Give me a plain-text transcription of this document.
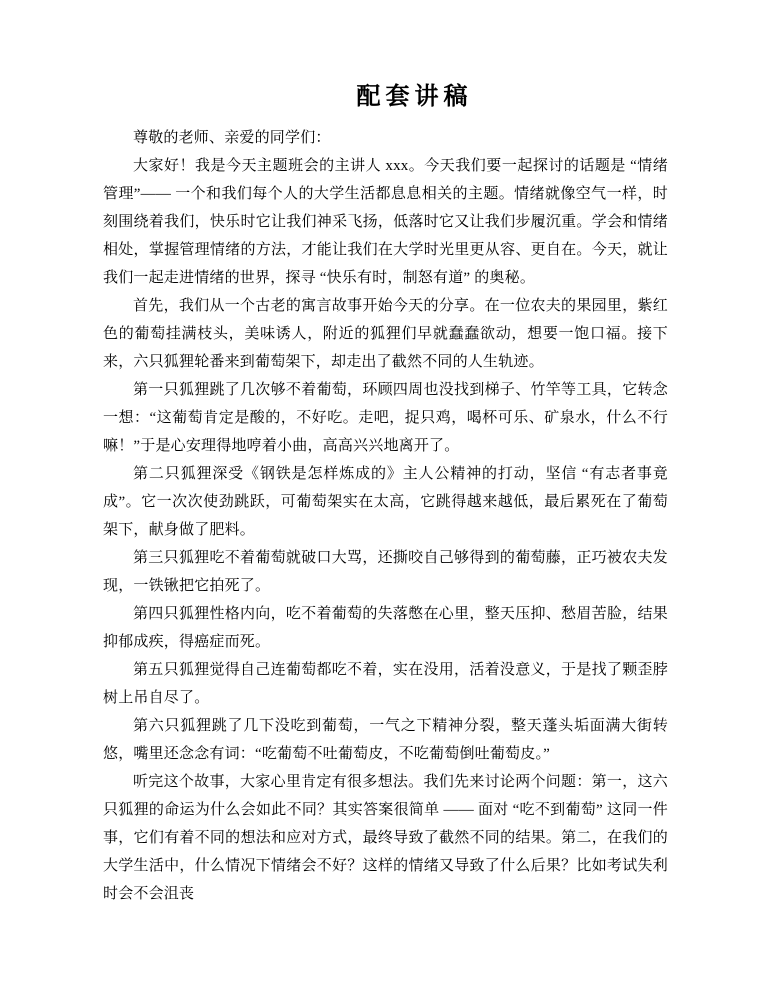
配套讲稿

尊敬的老师、亲爱的同学们：

大家好！我是今天主题班会的主讲人 xxx。今天我们要一起探讨的话题是 “情绪管理”—— 一个和我们每个人的大学生活都息息相关的主题。情绪就像空气一样，时刻围绕着我们，快乐时它让我们神采飞扬，低落时它又让我们步履沉重。学会和情绪相处，掌握管理情绪的方法，才能让我们在大学时光里更从容、更自在。今天，就让我们一起走进情绪的世界，探寻 “快乐有时，制怒有道” 的奥秘。

首先，我们从一个古老的寓言故事开始今天的分享。在一位农夫的果园里，紫红色的葡萄挂满枝头，美味诱人，附近的狐狸们早就蠢蠢欲动，想要一饱口福。接下来，六只狐狸轮番来到葡萄架下，却走出了截然不同的人生轨迹。

第一只狐狸跳了几次够不着葡萄，环顾四周也没找到梯子、竹竿等工具，它转念一想：“这葡萄肯定是酸的，不好吃。走吧，捉只鸡，喝杯可乐、矿泉水，什么不行嘛！”于是心安理得地哼着小曲，高高兴兴地离开了。

第二只狐狸深受《钢铁是怎样炼成的》主人公精神的打动，坚信 “有志者事竟成”。它一次次使劲跳跃，可葡萄架实在太高，它跳得越来越低，最后累死在了葡萄架下，献身做了肥料。

第三只狐狸吃不着葡萄就破口大骂，还撕咬自己够得到的葡萄藤，正巧被农夫发现，一铁锹把它拍死了。

第四只狐狸性格内向，吃不着葡萄的失落憋在心里，整天压抑、愁眉苦脸，结果抑郁成疾，得癌症而死。

第五只狐狸觉得自己连葡萄都吃不着，实在没用，活着没意义，于是找了颗歪脖树上吊自尽了。

第六只狐狸跳了几下没吃到葡萄，一气之下精神分裂，整天蓬头垢面满大街转悠，嘴里还念念有词：“吃葡萄不吐葡萄皮，不吃葡萄倒吐葡萄皮。”

听完这个故事，大家心里肯定有很多想法。我们先来讨论两个问题：第一，这六只狐狸的命运为什么会如此不同？其实答案很简单 —— 面对 “吃不到葡萄” 这同一件事，它们有着不同的想法和应对方式，最终导致了截然不同的结果。第二，在我们的大学生活中，什么情况下情绪会不好？这样的情绪又导致了什么后果？比如考试失利时会不会沮丧
